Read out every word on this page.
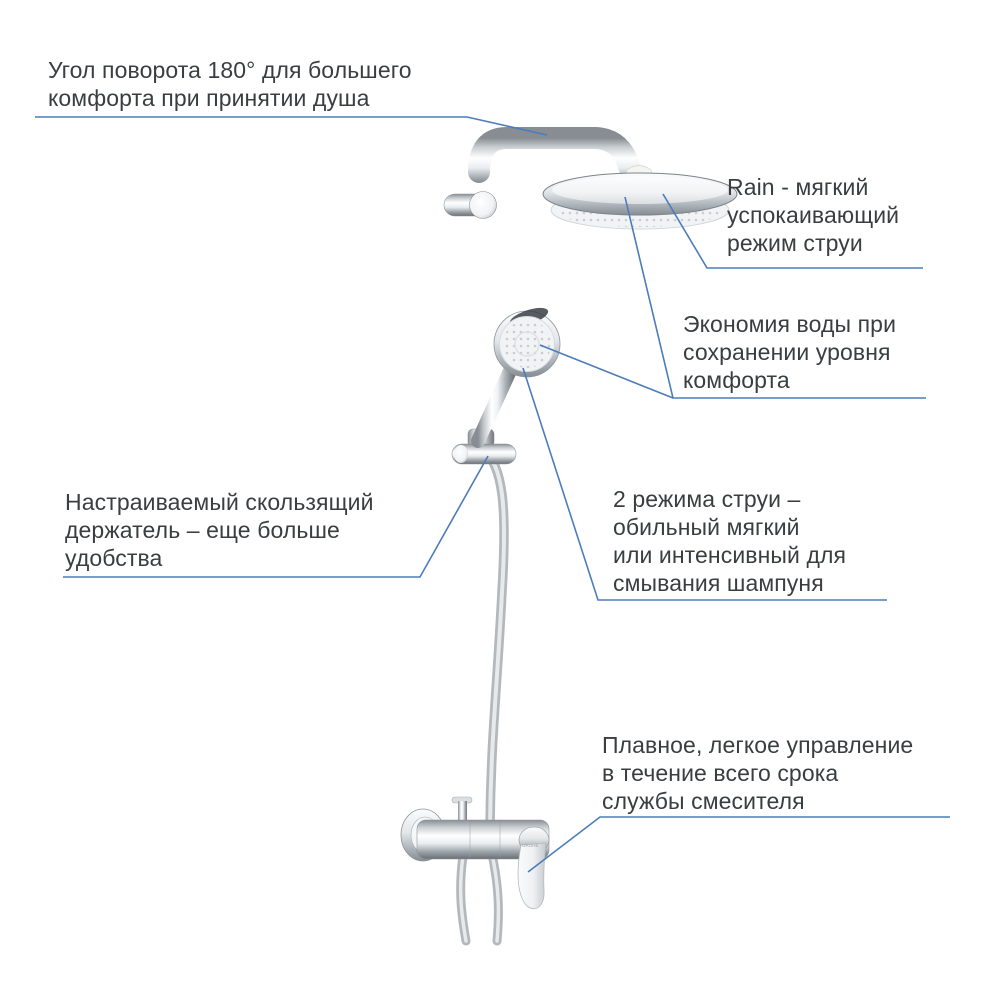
GROHE
Угол поворота 180° для большего
комфорта при принятии душа
Rain - мягкий
успокаивающий
режим струи
Экономия воды при
сохранении уровня
комфорта
Настраиваемый скользящий
держатель – еще больше
удобства
2 режима струи –
обильный мягкий
или интенсивный для
смывания шампуня
Плавное, легкое управление
в течение всего срока
службы смесителя
